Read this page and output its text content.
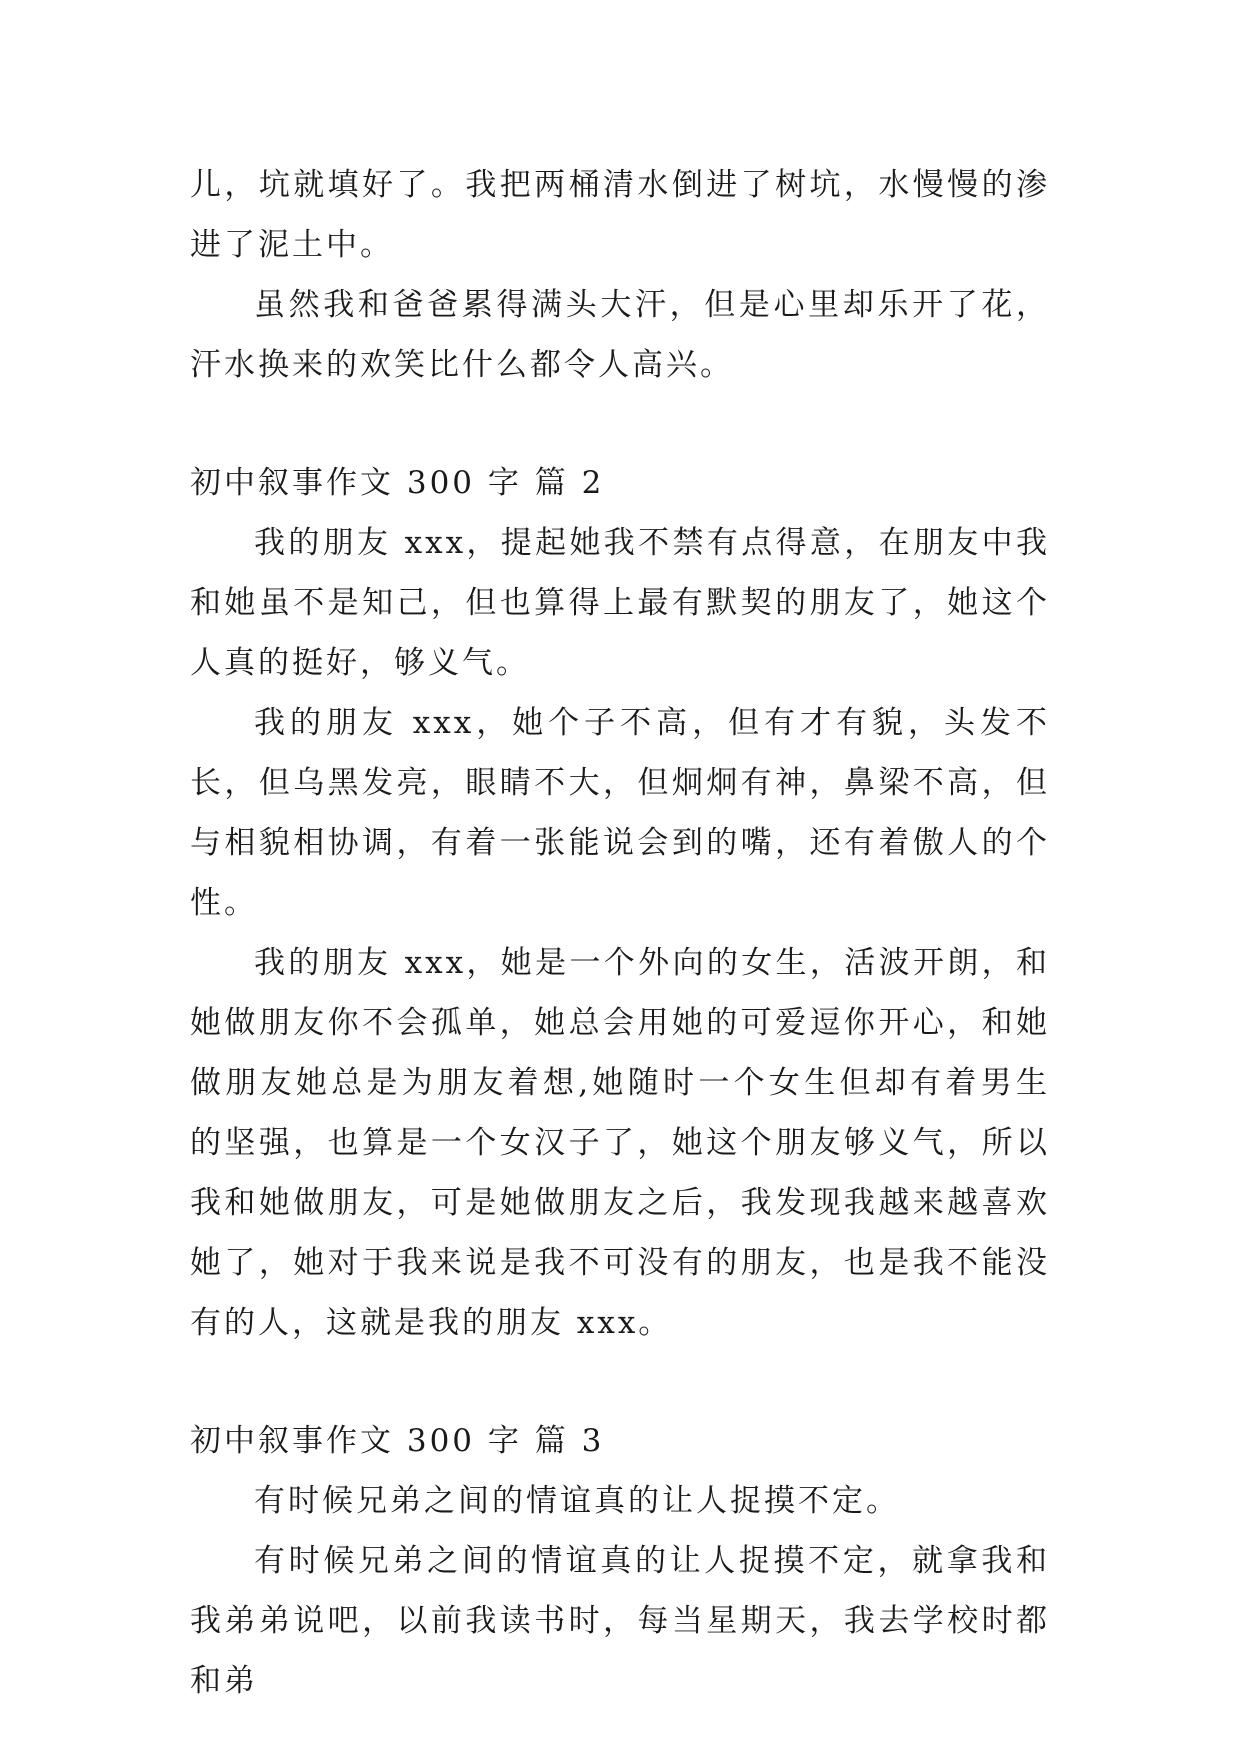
儿，坑就填好了。我把两桶清水倒进了树坑，水慢慢的渗进了泥土中。

虽然我和爸爸累得满头大汗，但是心里却乐开了花，汗水换来的欢笑比什么都令人高兴。

初中叙事作文 300 字 篇 2

我的朋友 xxx，提起她我不禁有点得意，在朋友中我和她虽不是知己，但也算得上最有默契的朋友了，她这个人真的挺好，够义气。

我的朋友 xxx，她个子不高，但有才有貌，头发不长，但乌黑发亮，眼睛不大，但炯炯有神，鼻梁不高，但与相貌相协调，有着一张能说会到的嘴，还有着傲人的个性。

我的朋友 xxx，她是一个外向的女生，活波开朗，和她做朋友你不会孤单，她总会用她的可爱逗你开心，和她做朋友她总是为朋友着想,她随时一个女生但却有着男生的坚强，也算是一个女汉子了，她这个朋友够义气，所以我和她做朋友，可是她做朋友之后，我发现我越来越喜欢她了，她对于我来说是我不可没有的朋友，也是我不能没有的人，这就是我的朋友 xxx。

初中叙事作文 300 字 篇 3

有时候兄弟之间的情谊真的让人捉摸不定。

有时候兄弟之间的情谊真的让人捉摸不定，就拿我和我弟弟说吧，以前我读书时，每当星期天，我去学校时都和弟
